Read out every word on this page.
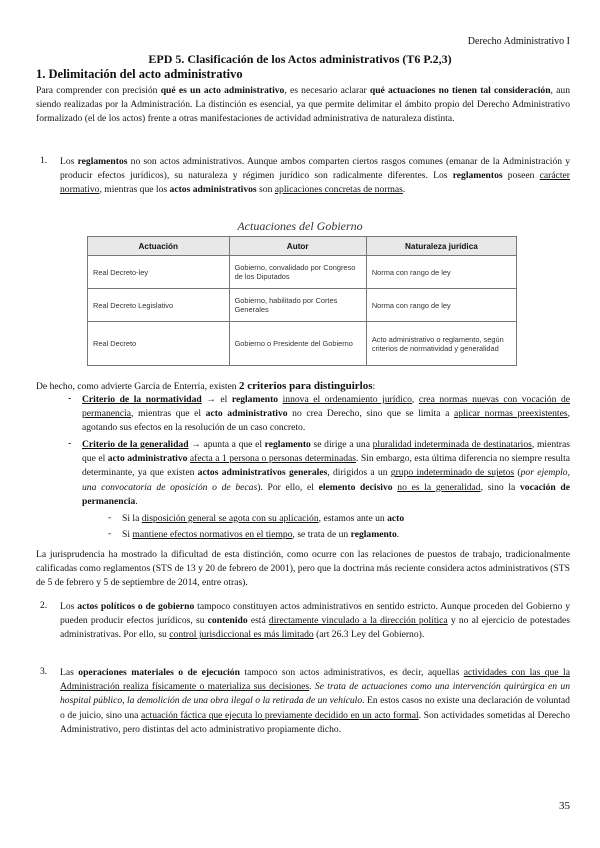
Derecho Administrativo I
EPD 5. Clasificación de los Actos administrativos (T6 P.2,3)
1. Delimitación del acto administrativo
Para comprender con precisión qué es un acto administrativo, es necesario aclarar qué actuaciones no tienen tal consideración, aun siendo realizadas por la Administración. La distinción es esencial, ya que permite delimitar el ámbito propio del Derecho Administrativo formalizado (el de los actos) frente a otras manifestaciones de actividad administrativa de naturaleza distinta.
1. Los reglamentos no son actos administrativos. Aunque ambos comparten ciertos rasgos comunes (emanar de la Administración y producir efectos jurídicos), su naturaleza y régimen jurídico son radicalmente diferentes. Los reglamentos poseen carácter normativo, mientras que los actos administrativos son aplicaciones concretas de normas.
Actuaciones del Gobierno
Actuación	Autor	Naturaleza jurídica
Real Decreto-ley	Gobierno, convalidado por Congreso de los Diputados	Norma con rango de ley
Real Decreto Legislativo	Gobierno, habilitado por Cortes Generales	Norma con rango de ley
Real Decreto	Gobierno o Presidente del Gobierno	Acto administrativo o reglamento, según criterios de normatividad y generalidad
De hecho, como advierte García de Enterría, existen 2 criterios para distinguirlos:
- Criterio de la normatividad → el reglamento innova el ordenamiento jurídico, crea normas nuevas con vocación de permanencia, mientras que el acto administrativo no crea Derecho, sino que se limita a aplicar normas preexistentes, agotando sus efectos en la resolución de un caso concreto.
- Criterio de la generalidad → apunta a que el reglamento se dirige a una pluralidad indeterminada de destinatarios, mientras que el acto administrativo afecta a 1 persona o personas determinadas. Sin embargo, esta última diferencia no siempre resulta determinante, ya que existen actos administrativos generales, dirigidos a un grupo indeterminado de sujetos (por ejemplo, una convocatoria de oposición o de becas). Por ello, el elemento decisivo no es la generalidad, sino la vocación de permanencia.
- Si la disposición general se agota con su aplicación, estamos ante un acto
- Si mantiene efectos normativos en el tiempo, se trata de un reglamento.
La jurisprudencia ha mostrado la dificultad de esta distinción, como ocurre con las relaciones de puestos de trabajo, tradicionalmente calificadas como reglamentos (STS de 13 y 20 de febrero de 2001), pero que la doctrina más reciente considera actos administrativos (STS de 5 de febrero y 5 de septiembre de 2014, entre otras).
2. Los actos políticos o de gobierno tampoco constituyen actos administrativos en sentido estricto. Aunque proceden del Gobierno y pueden producir efectos jurídicos, su contenido está directamente vinculado a la dirección política y no al ejercicio de potestades administrativas. Por ello, su control jurisdiccional es más limitado (art 26.3 Ley del Gobierno).
3. Las operaciones materiales o de ejecución tampoco son actos administrativos, es decir, aquellas actividades con las que la Administración realiza físicamente o materializa sus decisiones. Se trata de actuaciones como una intervención quirúrgica en un hospital público, la demolición de una obra ilegal o la retirada de un vehículo. En estos casos no existe una declaración de voluntad o de juicio, sino una actuación fáctica que ejecuta lo previamente decidido en un acto formal. Son actividades sometidas al Derecho Administrativo, pero distintas del acto administrativo propiamente dicho.
35
